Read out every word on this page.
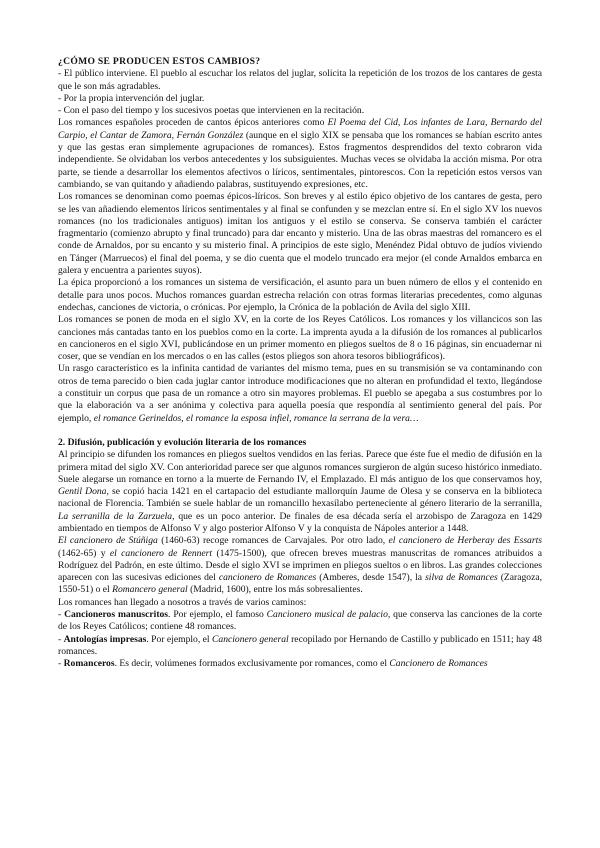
¿CÓMO SE PRODUCEN ESTOS CAMBIOS?

- El público interviene. El pueblo al escuchar los relatos del juglar, solicita la repetición de los trozos de los cantares de gesta que le son más agradables.

- Por la propia intervención del juglar.

- Con el paso del tiempo y los sucesivos poetas que intervienen en la recitación.

Los romances españoles proceden de cantos épicos anteriores como El Poema del Cid, Los infantes de Lara, Bernardo del Carpio, el Cantar de Zamora, Fernán González (aunque en el siglo XIX se pensaba que los romances se habían escrito antes y que las gestas eran simplemente agrupaciones de romances). Estos fragmentos desprendidos del texto cobraron vida independiente. Se olvidaban los verbos antecedentes y los subsiguientes. Muchas veces se olvidaba la acción misma. Por otra parte, se tiende a desarrollar los elementos afectivos o líricos, sentimentales, pintorescos. Con la repetición estos versos van cambiando, se van quitando y añadiendo palabras, sustituyendo expresiones, etc.

Los romances se denominan como poemas épicos-líricos. Son breves y al estilo épico objetivo de los cantares de gesta, pero se les van añadiendo elementos líricos sentimentales y al final se confunden y se mezclan entre sí. En el siglo XV los nuevos romances (no los tradicionales antiguos) imitan los antiguos y el estilo se conserva. Se conserva también el carácter fragmentario (comienzo abrupto y final truncado) para dar encanto y misterio. Una de las obras maestras del romancero es el conde de Arnaldos, por su encanto y su misterio final. A principios de este siglo, Menéndez Pidal obtuvo de judíos viviendo en Tánger (Marruecos) el final del poema, y se dio cuenta que el modelo truncado era mejor (el conde Arnaldos embarca en galera y encuentra a parientes suyos).

La épica proporcionó a los romances un sistema de versificación, el asunto para un buen número de ellos y el contenido en detalle para unos pocos. Muchos romances guardan estrecha relación con otras formas literarias precedentes, como algunas endechas, canciones de victoria, o crónicas. Por ejemplo, la Crónica de la población de Avila del siglo XIII.

Los romances se ponen de moda en el siglo XV, en la corte de los Reyes Católicos. Los romances y los villancicos son las canciones más cantadas tanto en los pueblos como en la corte. La imprenta ayuda a la difusión de los romances al publicarlos en cancioneros en el siglo XVI, publicándose en un primer momento en pliegos sueltos de 8 o 16 páginas, sin encuadernar ni coser, que se vendían en los mercados o en las calles (estos pliegos son ahora tesoros bibliográficos).

Un rasgo característico es la infinita cantidad de variantes del mismo tema, pues en su transmisión se va contaminando con otros de tema parecido o bien cada juglar cantor introduce modificaciones que no alteran en profundidad el texto, llegándose a constituir un corpus que pasa de un romance a otro sin mayores problemas. El pueblo se apegaba a sus costumbres por lo que la elaboración va a ser anónima y colectiva para aquella poesía que respondía al sentimiento general del país. Por ejemplo, el romance Gerineldos, el romance la esposa infiel, romance la serrana de la vera…

2. Difusión, publicación y evolución literaria de los romances

Al principio se difunden los romances en pliegos sueltos vendidos en las ferias. Parece que éste fue el medio de difusión en la primera mitad del siglo XV. Con anterioridad parece ser que algunos romances surgieron de algún suceso histórico inmediato. Suele alegarse un romance en torno a la muerte de Fernando IV, el Emplazado. El más antiguo de los que conservamos hoy, Gentil Dona, se copió hacia 1421 en el cartapacio del estudiante mallorquín Jaume de Olesa y se conserva en la biblioteca nacional de Florencia. También se suele hablar de un romancillo hexasílabo perteneciente al género literario de la serranilla, La serranilla de la Zarzuela, que es un poco anterior. De finales de esa década sería el arzobispo de Zaragoza en 1429 ambientado en tiempos de Alfonso V y algo posterior Alfonso V y la conquista de Nápoles anterior a 1448.

El cancionero de Stúñiga (1460-63) recoge romances de Carvajales. Por otro lado, el cancionero de Herberay des Essarts (1462-65) y el cancionero de Rennert (1475-1500), que ofrecen breves muestras manuscritas de romances atribuidos a Rodríguez del Padrón, en este último. Desde el siglo XVI se imprimen en pliegos sueltos o en libros. Las grandes colecciones aparecen con las sucesivas ediciones del cancionero de Romances (Amberes, desde 1547), la silva de Romances (Zaragoza, 1550-51) o el Romancero general (Madrid, 1600), entre los más sobresalientes.

Los romances han llegado a nosotros a través de varios caminos:

- Cancioneros manuscritos. Por ejemplo, el famoso Cancionero musical de palacio, que conserva las canciones de la corte de los Reyes Católicos; contiene 48 romances.

- Antologías impresas. Por ejemplo, el Cancionero general recopilado por Hernando de Castillo y publicado en 1511; hay 48 romances.

- Romanceros. Es decir, volúmenes formados exclusivamente por romances, como el Cancionero de Romances
